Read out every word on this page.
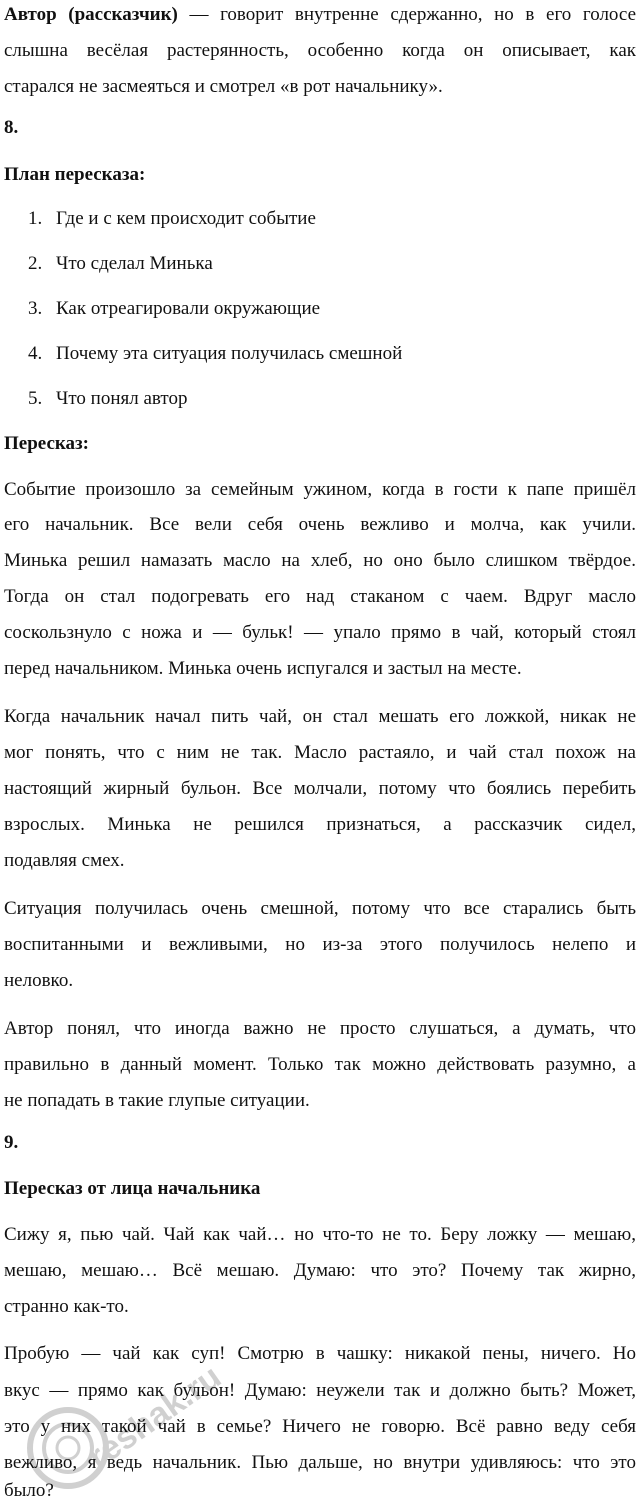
Автор (рассказчик) — говорит внутренне сдержанно, но в его голосе
слышна весёлая растерянность, особенно когда он описывает, как
старался не засмеяться и смотрел «в рот начальнику».
8.
План пересказа:
1. Где и с кем происходит событие
2. Что сделал Минька
3. Как отреагировали окружающие
4. Почему эта ситуация получилась смешной
5. Что понял автор
Пересказ:
Событие произошло за семейным ужином, когда в гости к папе пришёл
его начальник. Все вели себя очень вежливо и молча, как учили.
Минька решил намазать масло на хлеб, но оно было слишком твёрдое.
Тогда он стал подогревать его над стаканом с чаем. Вдруг масло
соскользнуло с ножа и — бульк! — упало прямо в чай, который стоял
перед начальником. Минька очень испугался и застыл на месте.
Когда начальник начал пить чай, он стал мешать его ложкой, никак не
мог понять, что с ним не так. Масло растаяло, и чай стал похож на
настоящий жирный бульон. Все молчали, потому что боялись перебить
взрослых. Минька не решился признаться, а рассказчик сидел,
подавляя смех.
Ситуация получилась очень смешной, потому что все старались быть
воспитанными и вежливыми, но из-за этого получилось нелепо и
неловко.
Автор понял, что иногда важно не просто слушаться, а думать, что
правильно в данный момент. Только так можно действовать разумно, а
не попадать в такие глупые ситуации.
9.
Пересказ от лица начальника
Сижу я, пью чай. Чай как чай… но что-то не то. Беру ложку — мешаю,
мешаю, мешаю… Всё мешаю. Думаю: что это? Почему так жирно,
странно как-то.
Пробую — чай как суп! Смотрю в чашку: никакой пены, ничего. Но
вкус — прямо как бульон! Думаю: неужели так и должно быть? Может,
это у них такой чай в семье? Ничего не говорю. Всё равно веду себя
вежливо, я ведь начальник. Пью дальше, но внутри удивляюсь: что это
было?
reshak.ru
